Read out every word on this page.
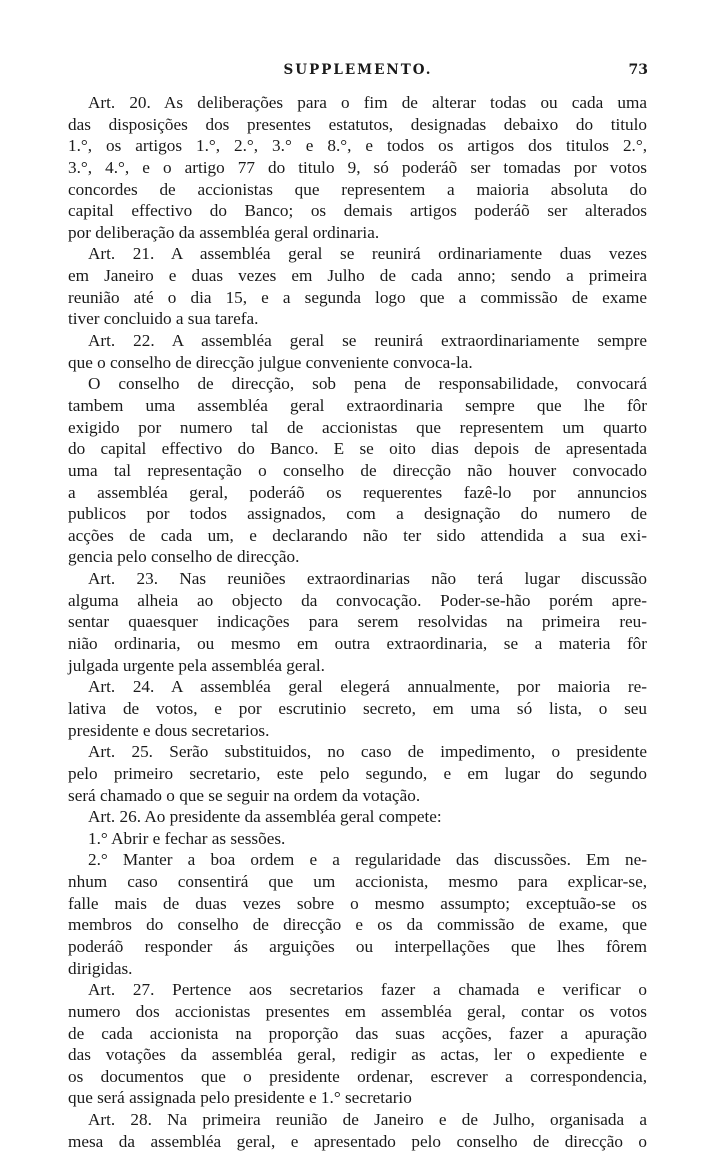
SUPPLEMENTO.	73
Art. 20. As deliberações para o fim de alterar todas ou cada uma
das disposições dos presentes estatutos, designadas debaixo do titulo
1.°, os artigos 1.°, 2.°, 3.° e 8.°, e todos os artigos dos titulos 2.°,
3.°, 4.°, e o artigo 77 do titulo 9, só poderáõ ser tomadas por votos
concordes de accionistas que representem a maioria absoluta do
capital effectivo do Banco; os demais artigos poderáõ ser alterados
por deliberação da assembléa geral ordinaria.
Art. 21. A assembléa geral se reunirá ordinariamente duas vezes
em Janeiro e duas vezes em Julho de cada anno; sendo a primeira
reunião até o dia 15, e a segunda logo que a commissão de exame
tiver concluido a sua tarefa.
Art. 22. A assembléa geral se reunirá extraordinariamente sempre
que o conselho de direcção julgue conveniente convoca-la.
O conselho de direcção, sob pena de responsabilidade, convocará
tambem uma assembléa geral extraordinaria sempre que lhe fôr
exigido por numero tal de accionistas que representem um quarto
do capital effectivo do Banco. E se oito dias depois de apresentada
uma tal representação o conselho de direcção não houver convocado
a assembléa geral, poderáõ os requerentes fazê-lo por annuncios
publicos por todos assignados, com a designação do numero de
acções de cada um, e declarando não ter sido attendida a sua exi-
gencia pelo conselho de direcção.
Art. 23. Nas reuniões extraordinarias não terá lugar discussão
alguma alheia ao objecto da convocação. Poder-se-hão porém apre-
sentar quaesquer indicações para serem resolvidas na primeira reu-
nião ordinaria, ou mesmo em outra extraordinaria, se a materia fôr
julgada urgente pela assembléa geral.
Art. 24. A assembléa geral elegerá annualmente, por maioria re-
lativa de votos, e por escrutinio secreto, em uma só lista, o seu
presidente e dous secretarios.
Art. 25. Serão substituidos, no caso de impedimento, o presidente
pelo primeiro secretario, este pelo segundo, e em lugar do segundo
será chamado o que se seguir na ordem da votação.
Art. 26. Ao presidente da assembléa geral compete:
1.° Abrir e fechar as sessões.
2.° Manter a boa ordem e a regularidade das discussões. Em ne-
nhum caso consentirá que um accionista, mesmo para explicar-se,
falle mais de duas vezes sobre o mesmo assumpto; exceptuão-se os
membros do conselho de direcção e os da commissão de exame, que
poderáõ responder ás arguições ou interpellações que lhes fôrem
dirigidas.
Art. 27. Pertence aos secretarios fazer a chamada e verificar o
numero dos accionistas presentes em assembléa geral, contar os votos
de cada accionista na proporção das suas acções, fazer a apuração
das votações da assembléa geral, redigir as actas, ler o expediente e
os documentos que o presidente ordenar, escrever a correspondencia,
que será assignada pelo presidente e 1.° secretario
Art. 28. Na primeira reunião de Janeiro e de Julho, organisada a
mesa da assembléa geral, e apresentado pelo conselho de direcção o
